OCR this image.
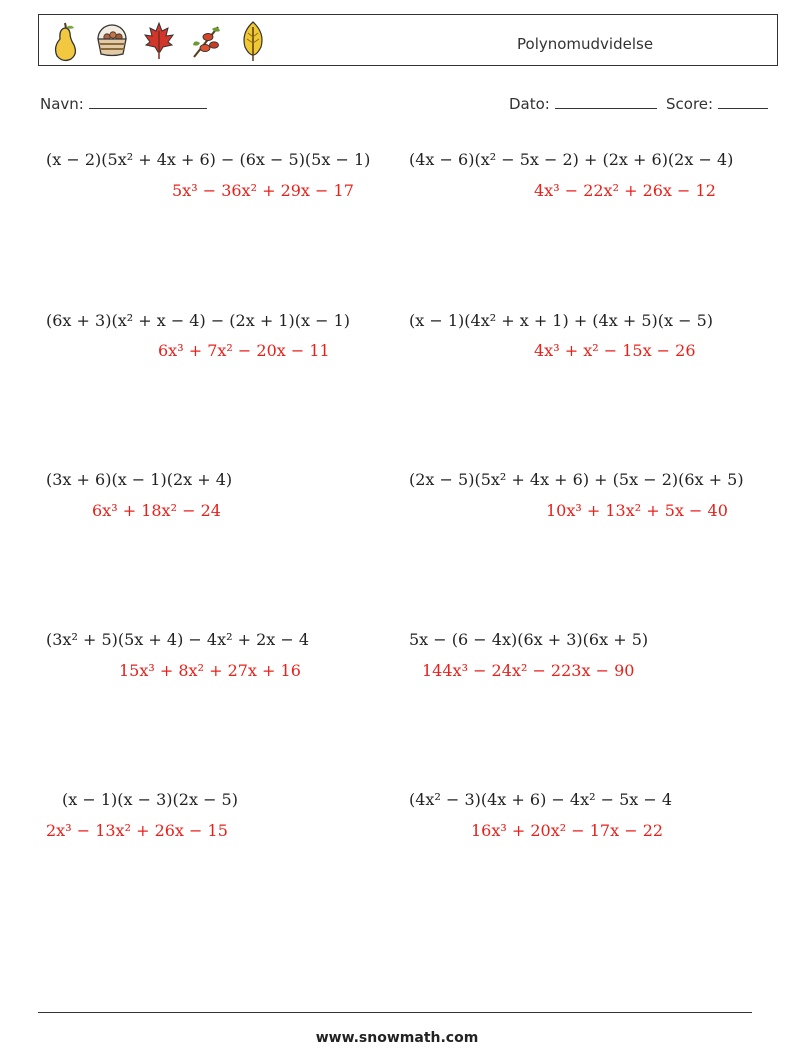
Polynomudvidelse
Navn:	Dato:	Score:
(x − 2)(5x² + 4x + 6) − (6x − 5)(5x − 1)
5x³ − 36x² + 29x − 17
(4x − 6)(x² − 5x − 2) + (2x + 6)(2x − 4)
4x³ − 22x² + 26x − 12
(6x + 3)(x² + x − 4) − (2x + 1)(x − 1)
6x³ + 7x² − 20x − 11
(x − 1)(4x² + x + 1) + (4x + 5)(x − 5)
4x³ + x² − 15x − 26
(3x + 6)(x − 1)(2x + 4)
6x³ + 18x² − 24
(2x − 5)(5x² + 4x + 6) + (5x − 2)(6x + 5)
10x³ + 13x² + 5x − 40
(3x² + 5)(5x + 4) − 4x² + 2x − 4
15x³ + 8x² + 27x + 16
5x − (6 − 4x)(6x + 3)(6x + 5)
144x³ − 24x² − 223x − 90
(x − 1)(x − 3)(2x − 5)
2x³ − 13x² + 26x − 15
(4x² − 3)(4x + 6) − 4x² − 5x − 4
16x³ + 20x² − 17x − 22
www.snowmath.com
